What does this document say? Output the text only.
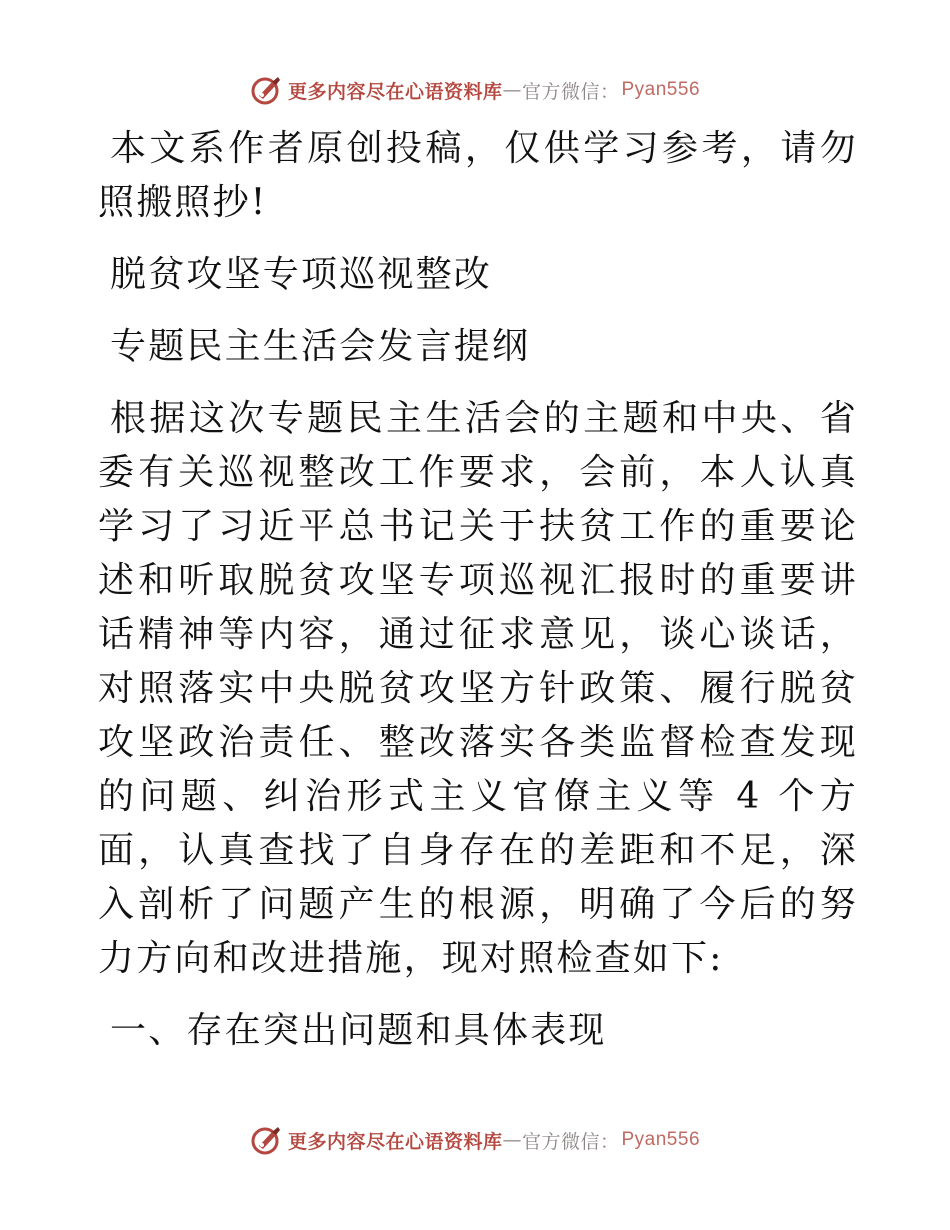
更多内容尽在心语资料库 — 官方微信： Pyan556

本文系作者原创投稿，仅供学习参考，请勿照搬照抄!

脱贫攻坚专项巡视整改

专题民主生活会发言提纲

根据这次专题民主生活会的主题和中央、省委有关巡视整改工作要求，会前，本人认真学习了习近平总书记关于扶贫工作的重要论述和听取脱贫攻坚专项巡视汇报时的重要讲话精神等内容，通过征求意见，谈心谈话，对照落实中央脱贫攻坚方针政策、履行脱贫攻坚政治责任、整改落实各类监督检查发现的问题、纠治形式主义官僚主义等 4 个方面，认真查找了自身存在的差距和不足，深入剖析了问题产生的根源，明确了今后的努力方向和改进措施，现对照检查如下:

一、存在突出问题和具体表现

更多内容尽在心语资料库 — 官方微信： Pyan556
